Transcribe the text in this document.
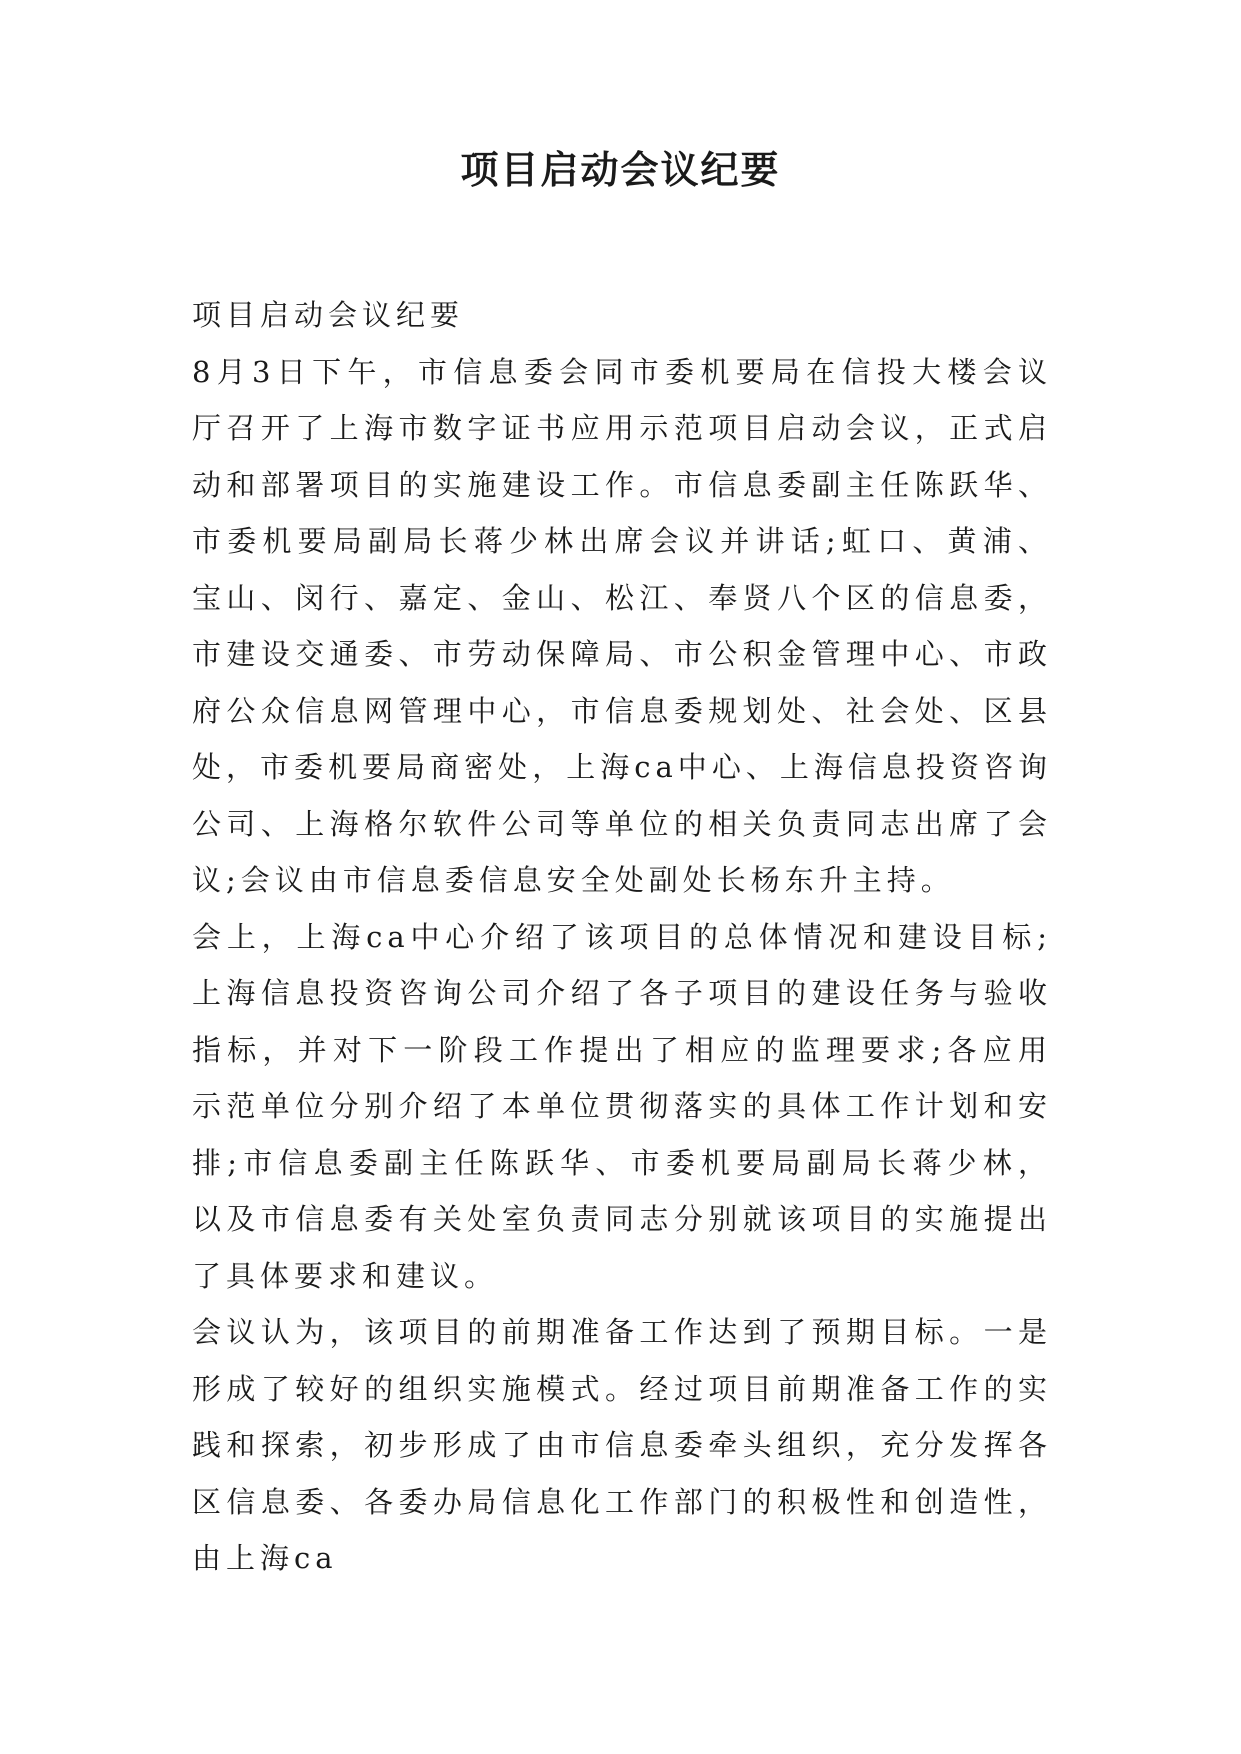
项目启动会议纪要

项目启动会议纪要

8月3日下午，市信息委会同市委机要局在信投大楼会议厅召开了上海市数字证书应用示范项目启动会议，正式启动和部署项目的实施建设工作。市信息委副主任陈跃华、市委机要局副局长蒋少林出席会议并讲话;虹口、黄浦、宝山、闵行、嘉定、金山、松江、奉贤八个区的信息委，市建设交通委、市劳动保障局、市公积金管理中心、市政府公众信息网管理中心，市信息委规划处、社会处、区县处，市委机要局商密处，上海ca中心、上海信息投资咨询公司、上海格尔软件公司等单位的相关负责同志出席了会议;会议由市信息委信息安全处副处长杨东升主持。

会上，上海ca中心介绍了该项目的总体情况和建设目标;上海信息投资咨询公司介绍了各子项目的建设任务与验收指标，并对下一阶段工作提出了相应的监理要求;各应用示范单位分别介绍了本单位贯彻落实的具体工作计划和安排;市信息委副主任陈跃华、市委机要局副局长蒋少林，以及市信息委有关处室负责同志分别就该项目的实施提出了具体要求和建议。

会议认为，该项目的前期准备工作达到了预期目标。一是形成了较好的组织实施模式。经过项目前期准备工作的实践和探索，初步形成了由市信息委牵头组织，充分发挥各区信息委、各委办局信息化工作部门的积极性和创造性，由上海ca
